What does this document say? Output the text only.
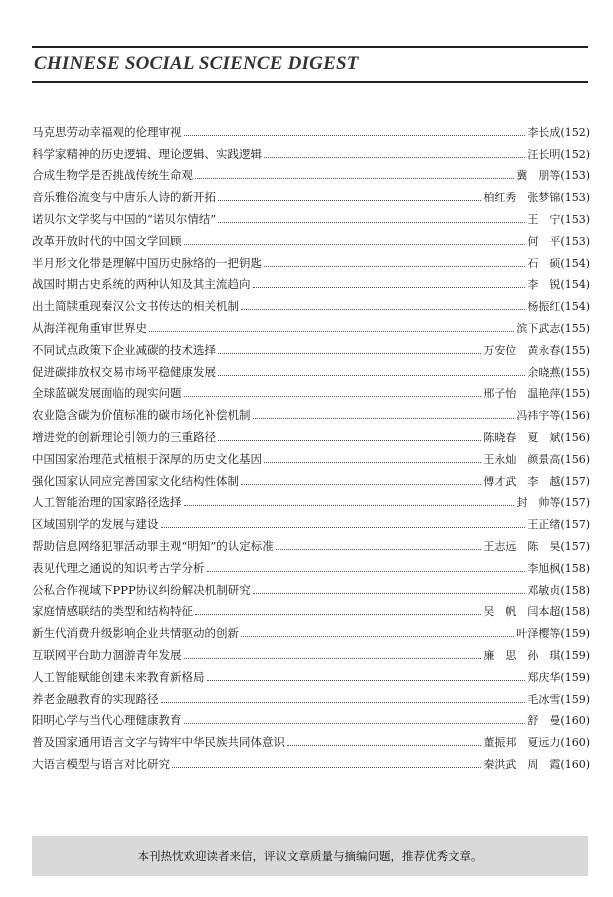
CHINESE SOCIAL SCIENCE DIGEST
马克思劳动幸福观的伦理审视	李长成(152)
科学家精神的历史逻辑、理论逻辑、实践逻辑	汪长明(152)
合成生物学是否挑战传统生命观	冀　朋等(153)
音乐雅俗流变与中唐乐人诗的新开拓	柏红秀　张梦锦(153)
诺贝尔文学奖与中国的“诺贝尔情结”	王　宁(153)
改革开放时代的中国文学回顾	何　平(153)
半月形文化带是理解中国历史脉络的一把钥匙	石　硕(154)
战国时期古史系统的两种认知及其主流趋向	李　锐(154)
出土简牍重现秦汉公文书传达的相关机制	杨振红(154)
从海洋视角重审世界史	滨下武志(155)
不同试点政策下企业减碳的技术选择	万安位　黄永春(155)
促进碳排放权交易市场平稳健康发展	余晓燕(155)
全球蓝碳发展面临的现实问题	邢子怡　温艳萍(155)
农业隐含碳为价值标准的碳市场化补偿机制	冯祎宇等(156)
增进党的创新理论引领力的三重路径	陈晓春　夏　斌(156)
中国国家治理范式植根于深厚的历史文化基因	王永灿　颜景高(156)
强化国家认同应完善国家文化结构性体制	傅才武　李　越(157)
人工智能治理的国家路径选择	封　帅等(157)
区域国别学的发展与建设	王正绪(157)
帮助信息网络犯罪活动罪主观“明知”的认定标准	王志远　陈　昊(157)
表见代理之通说的知识考古学分析	李旭枫(158)
公私合作视域下PPP协议纠纷解决机制研究	邓敏贞(158)
家庭情感联结的类型和结构特征	吴　帆　闫本超(158)
新生代消费升级影响企业共情驱动的创新	叶泽樱等(159)
互联网平台助力涸游青年发展	廉　思　孙　琪(159)
人工智能赋能创建未来教育新格局	郑庆华(159)
养老金融教育的实现路径	毛冰雪(159)
阳明心学与当代心理健康教育	舒　曼(160)
普及国家通用语言文字与铸牢中华民族共同体意识	董振邦　夏远力(160)
大语言模型与语言对比研究	秦洪武　周　霞(160)
本刊热忱欢迎读者来信，评议文章质量与摘编问题，推荐优秀文章。
